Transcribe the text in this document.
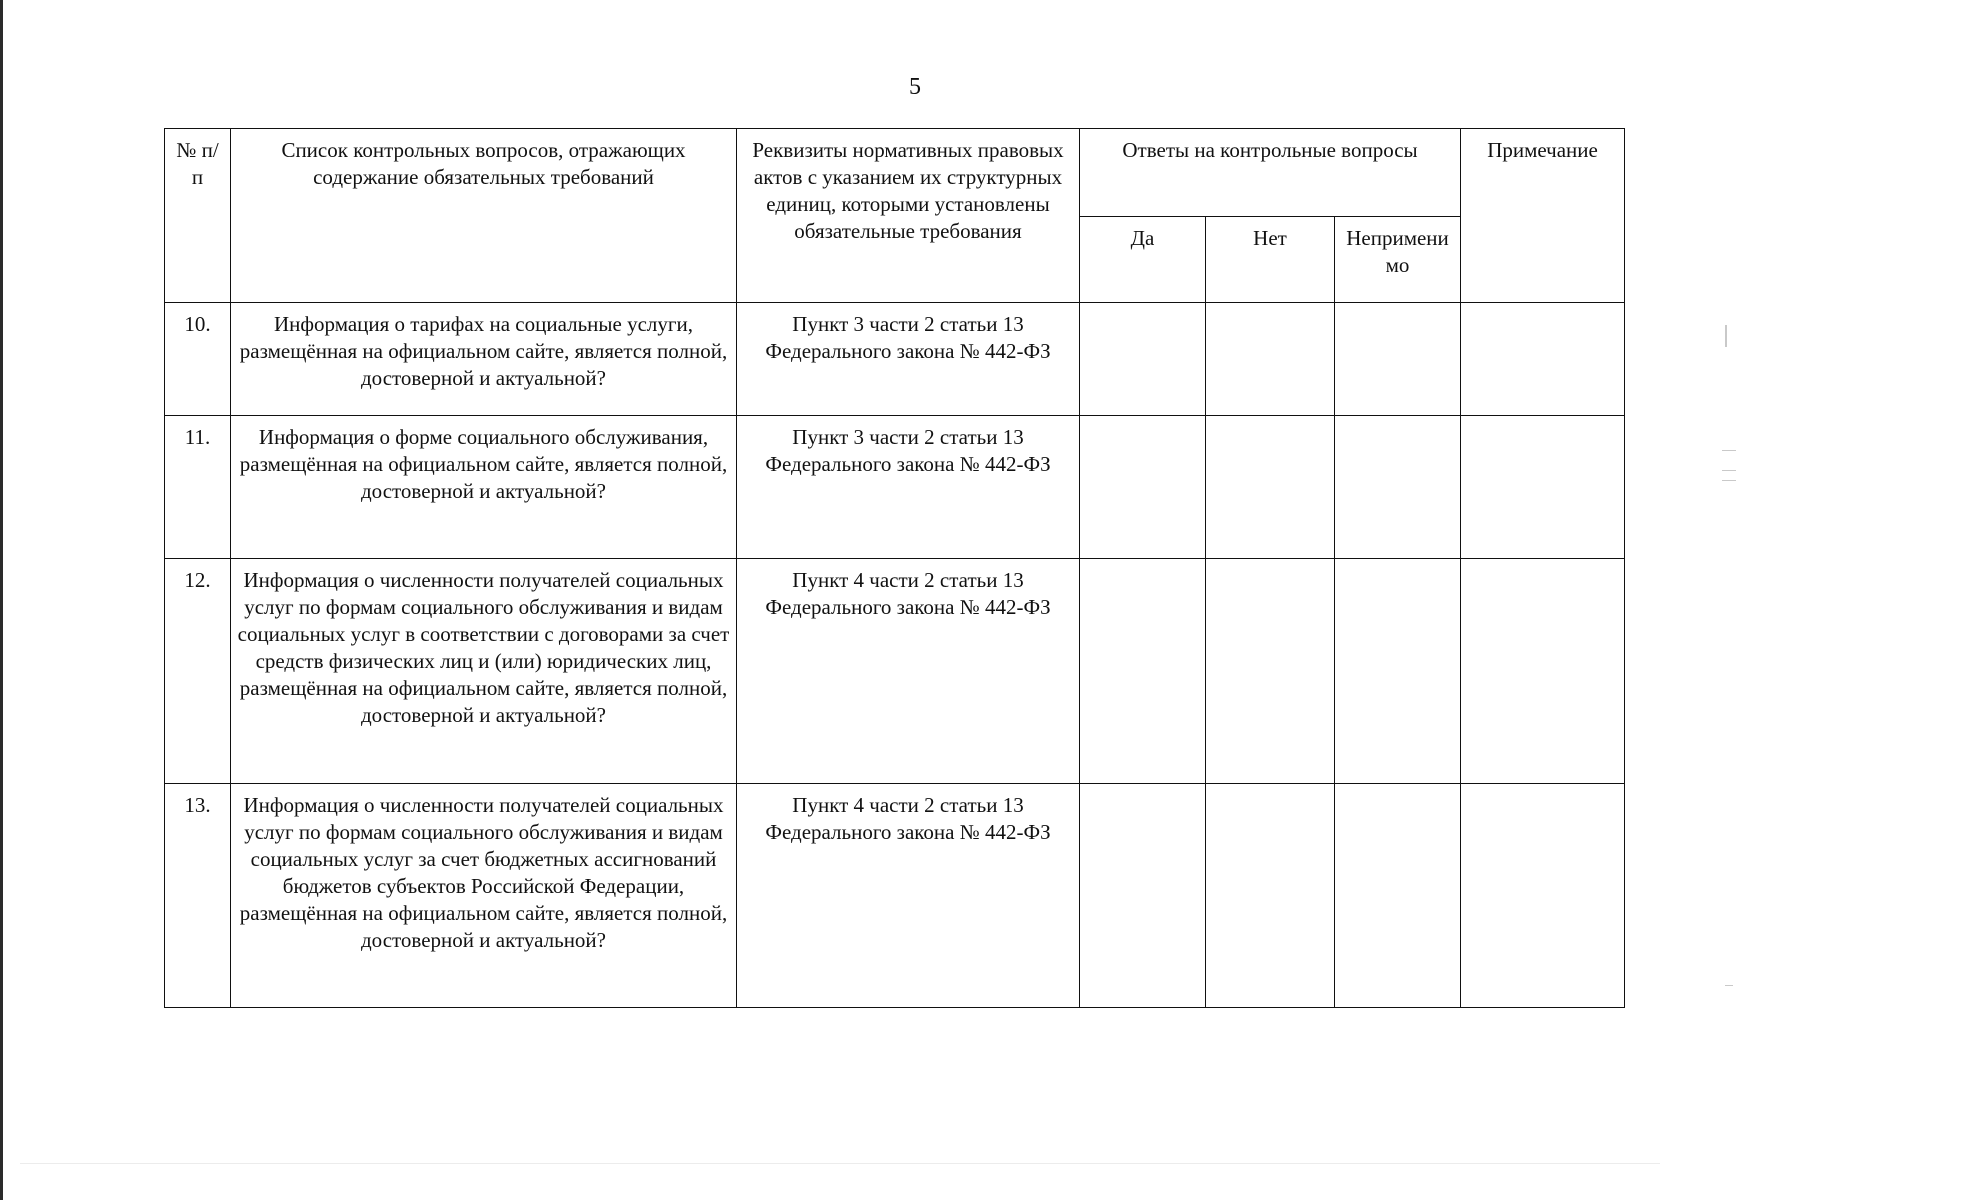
5
№ п/п	Список контрольных вопросов, отражающих содержание обязательных требований	Реквизиты нормативных правовых актов с указанием их структурных единиц, которыми установлены обязательные требования	Ответы на контрольные вопросы			Примечание
			Да	Нет	Неприменимо	
10.	Информация о тарифах на социальные услуги, размещённая на официальном сайте, является полной, достоверной и актуальной?	Пункт 3 части 2 статьи 13 Федерального закона № 442-ФЗ				
11.	Информация о форме социального обслуживания, размещённая на официальном сайте, является полной, достоверной и актуальной?	Пункт 3 части 2 статьи 13 Федерального закона № 442-ФЗ				
12.	Информация о численности получателей социальных услуг по формам социального обслуживания и видам социальных услуг в соответствии с договорами за счет средств физических лиц и (или) юридических лиц, размещённая на официальном сайте, является полной, достоверной и актуальной?	Пункт 4 части 2 статьи 13 Федерального закона № 442-ФЗ				
13.	Информация о численности получателей социальных услуг по формам социального обслуживания и видам социальных услуг за счет бюджетных ассигнований бюджетов субъектов Российской Федерации, размещённая на официальном сайте, является полной, достоверной и актуальной?	Пункт 4 части 2 статьи 13 Федерального закона № 442-ФЗ				
